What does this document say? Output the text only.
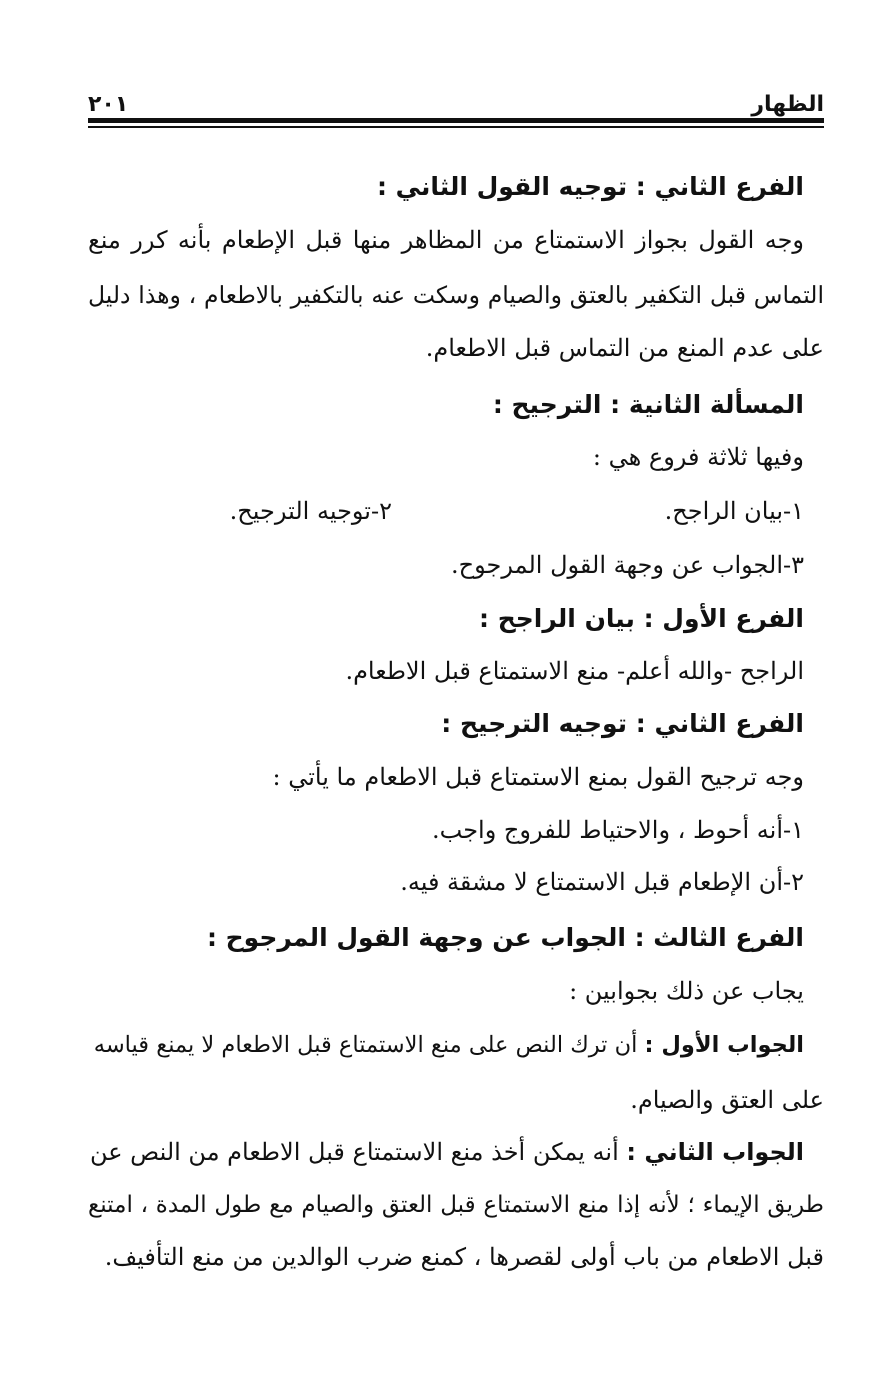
الظهار
٢٠١
الفرع الثاني : توجيه القول الثاني :
وجه القول بجواز الاستمتاع من المظاهر منها قبل الإطعام بأنه كرر منع
التماس قبل التكفير بالعتق والصيام وسكت عنه بالتكفير بالاطعام ، وهذا دليل
على عدم المنع من التماس قبل الاطعام.
المسألة الثانية : الترجيح :
وفيها ثلاثة فروع هي :
١-بيان الراجح.
٢-توجيه الترجيح.
٣-الجواب عن وجهة القول المرجوح.
الفرع الأول : بيان الراجح :
الراجح -والله أعلم- منع الاستمتاع قبل الاطعام.
الفرع الثاني : توجيه الترجيح :
وجه ترجيح القول بمنع الاستمتاع قبل الاطعام ما يأتي :
١-أنه أحوط ، والاحتياط للفروج واجب.
٢-أن الإطعام قبل الاستمتاع لا مشقة فيه.
الفرع الثالث : الجواب عن وجهة القول المرجوح :
يجاب عن ذلك بجوابين :
الجواب الأول : أن ترك النص على منع الاستمتاع قبل الاطعام لا يمنع قياسه
على العتق والصيام.
الجواب الثاني : أنه يمكن أخذ منع الاستمتاع قبل الاطعام من النص عن
طريق الإيماء ؛ لأنه إذا منع الاستمتاع قبل العتق والصيام مع طول المدة ، امتنع
قبل الاطعام من باب أولى لقصرها ، كمنع ضرب الوالدين من منع التأفيف.
